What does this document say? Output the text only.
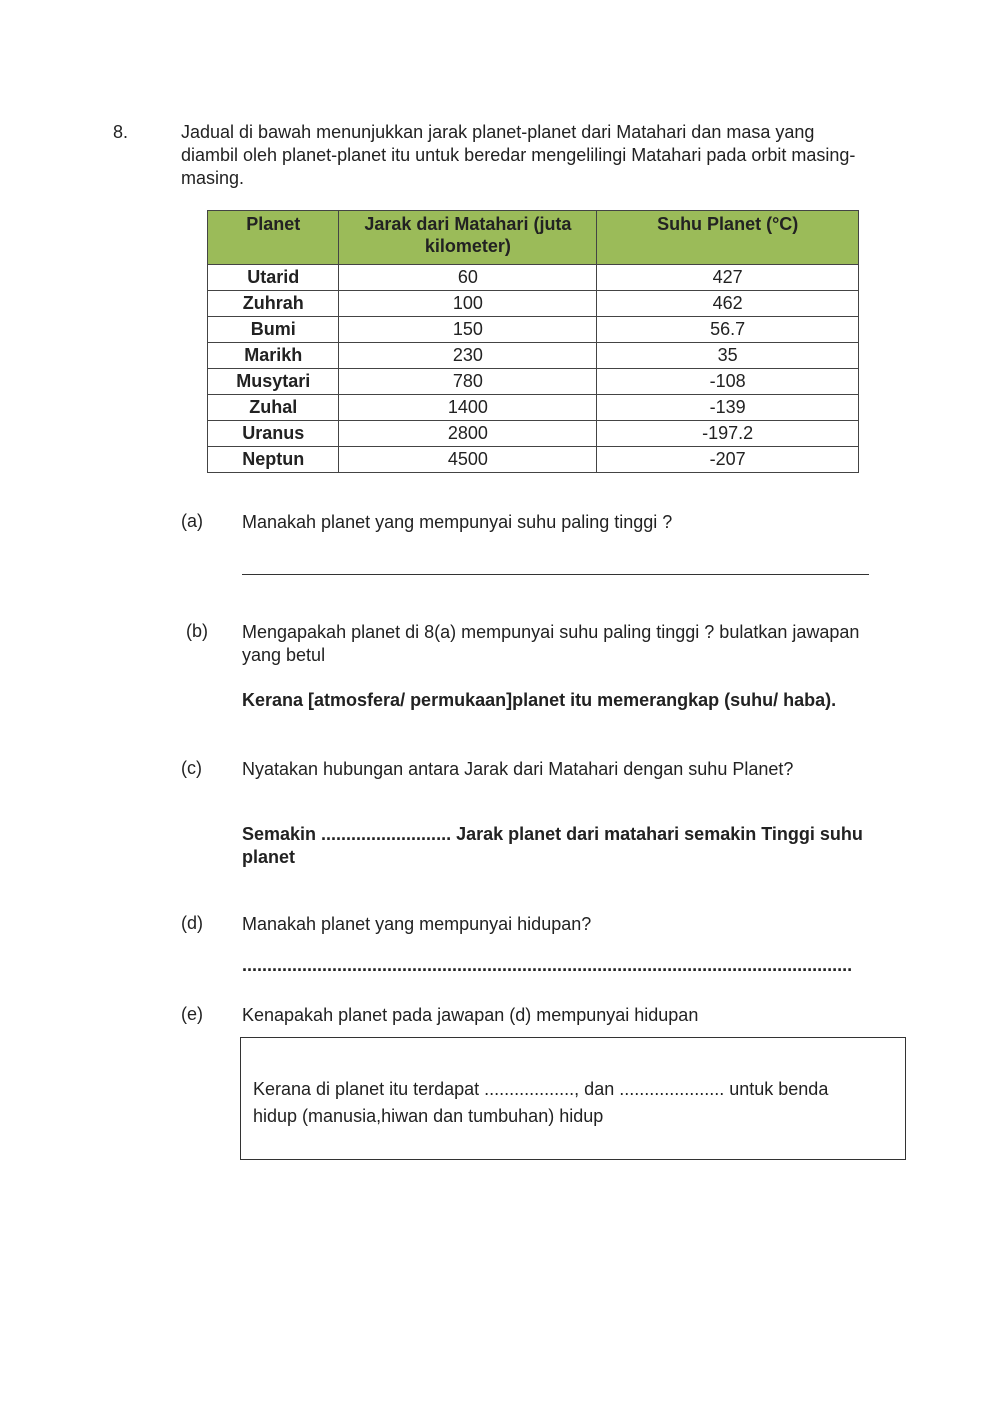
8.	Jadual di bawah menunjukkan jarak planet-planet dari Matahari dan masa yang diambil oleh planet-planet itu untuk beredar mengelilingi Matahari pada orbit masing-masing.
Planet	Jarak dari Matahari (juta kilometer)	Suhu Planet (°C)
Utarid	60	427
Zuhrah	100	462
Bumi	150	56.7
Marikh	230	35
Musytari	780	-108
Zuhal	1400	-139
Uranus	2800	-197.2
Neptun	4500	-207
(a) Manakah planet yang mempunyai suhu paling tinggi ?
(b) Mengapakah planet di 8(a) mempunyai suhu paling tinggi ? bulatkan jawapan yang betul
Kerana [atmosfera/ permukaan]planet itu memerangkap (suhu/ haba).
(c) Nyatakan hubungan antara Jarak dari Matahari dengan suhu Planet?
Semakin .......................... Jarak planet dari matahari semakin Tinggi suhu planet
(d) Manakah planet yang mempunyai hidupan?
..........................................................................................................................
(e) Kenapakah planet pada jawapan (d) mempunyai hidupan
Kerana di planet itu terdapat .................., dan ..................... untuk benda hidup (manusia,hiwan dan tumbuhan) hidup
